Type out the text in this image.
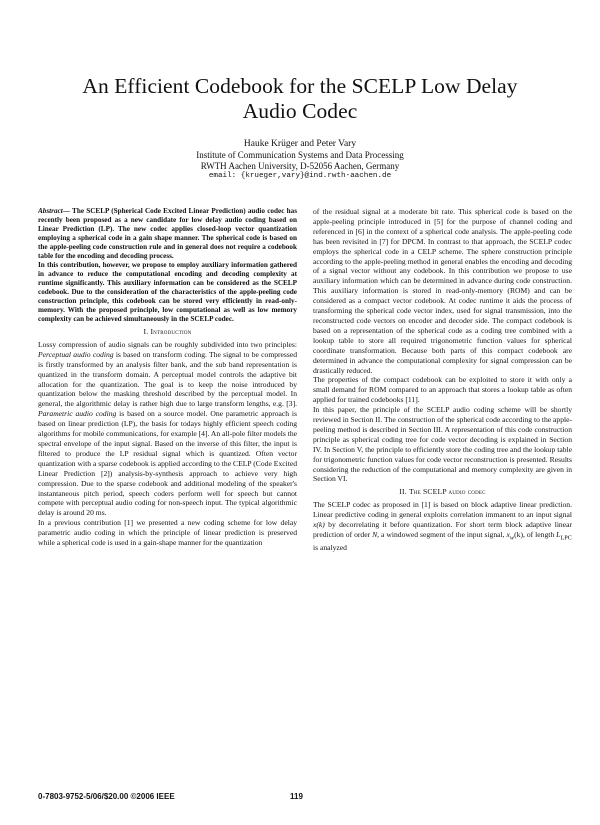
An Efficient Codebook for the SCELP Low Delay
Audio Codec
Hauke Krüger and Peter Vary
Institute of Communication Systems and Data Processing
RWTH Aachen University, D-52056 Aachen, Germany
email: {krueger,vary}@ind.rwth-aachen.de

Abstract— The SCELP (Spherical Code Excited Linear Prediction) audio codec has recently been proposed as a new candidate for low delay audio coding based on Linear Prediction (LP). The new codec applies closed-loop vector quantization employing a spherical code in a gain shape manner. The spherical code is based on the apple-peeling code construction rule and in general does not require a codebook table for the encoding and decoding process.

In this contribution, however, we propose to employ auxiliary information gathered in advance to reduce the computational encoding and decoding complexity at runtime significantly. This auxiliary information can be considered as the SCELP codebook. Due to the consideration of the characteristics of the apple-peeling code construction principle, this codebook can be stored very efficiently in read-only-memory. With the proposed principle, low computational as well as low memory complexity can be achieved simultaneously in the SCELP codec.

I. Introduction

Lossy compression of audio signals can be roughly subdivided into two principles: Perceptual audio coding is based on transform coding. The signal to be compressed is firstly transformed by an analysis filter bank, and the sub band representation is quantized in the transform domain. A perceptual model controls the adaptive bit allocation for the quantization. The goal is to keep the noise introduced by quantization below the masking threshold described by the perceptual model. In general, the algorithmic delay is rather high due to large transform lengths, e.g. [3]. Parametric audio coding is based on a source model. One parametric approach is based on linear prediction (LP), the basis for todays highly efficient speech coding algorithms for mobile communications, for example [4]. An all-pole filter models the spectral envelope of the input signal. Based on the inverse of this filter, the input is filtered to produce the LP residual signal which is quantized. Often vector quantization with a sparse codebook is applied according to the CELP (Code Excited Linear Prediction [2]) analysis-by-synthesis approach to achieve very high compression. Due to the sparse codebook and additional modeling of the speaker's instantaneous pitch period, speech coders perform well for speech but cannot compete with perceptual audio coding for non-speech input. The typical algorithmic delay is around 20 ms.

In a previous contribution [1] we presented a new coding scheme for low delay parametric audio coding in which the principle of linear prediction is preserved while a spherical code is used in a gain-shape manner for the quantization

of the residual signal at a moderate bit rate. This spherical code is based on the apple-peeling principle introduced in [5] for the purpose of channel coding and referenced in [6] in the context of a spherical code analysis. The apple-peeling code has been revisited in [7] for DPCM. In contrast to that approach, the SCELP codec employs the spherical code in a CELP scheme. The sphere construction principle according to the apple-peeling method in general enables the encoding and decoding of a signal vector without any codebook. In this contribution we propose to use auxiliary information which can be determined in advance during code construction. This auxiliary information is stored in read-only-memory (ROM) and can be considered as a compact vector codebook. At codec runtime it aids the process of transforming the spherical code vector index, used for signal transmission, into the reconstructed code vectors on encoder and decoder side. The compact codebook is based on a representation of the spherical code as a coding tree combined with a lookup table to store all required trigonometric function values for spherical coordinate transformation. Because both parts of this compact codebook are determined in advance the computational complexity for signal compression can be drastically reduced.

The properties of the compact codebook can be exploited to store it with only a small demand for ROM compared to an approach that stores a lookup table as often applied for trained codebooks [11].

In this paper, the principle of the SCELP audio coding scheme will be shortly reviewed in Section II. The construction of the spherical code according to the apple-peeling method is described in Section III. A representation of this code construction principle as spherical coding tree for code vector decoding is explained in Section IV. In Section V, the principle to efficiently store the coding tree and the lookup table for trigonometric function values for code vector reconstruction is presented. Results considering the reduction of the computational and memory complexity are given in Section VI.

II. The SCELP audio codec

The SCELP codec as proposed in [1] is based on block adaptive linear prediction. Linear predictive coding in general exploits correlation immanent to an input signal x(k) by decorrelating it before quantization. For short term block adaptive linear prediction of order N, a windowed segment of the input signal, $x_w(k)$, of length $L_{LPC}$ is analyzed

0-7803-9752-5/06/$20.00 ©2006 IEEE	119
